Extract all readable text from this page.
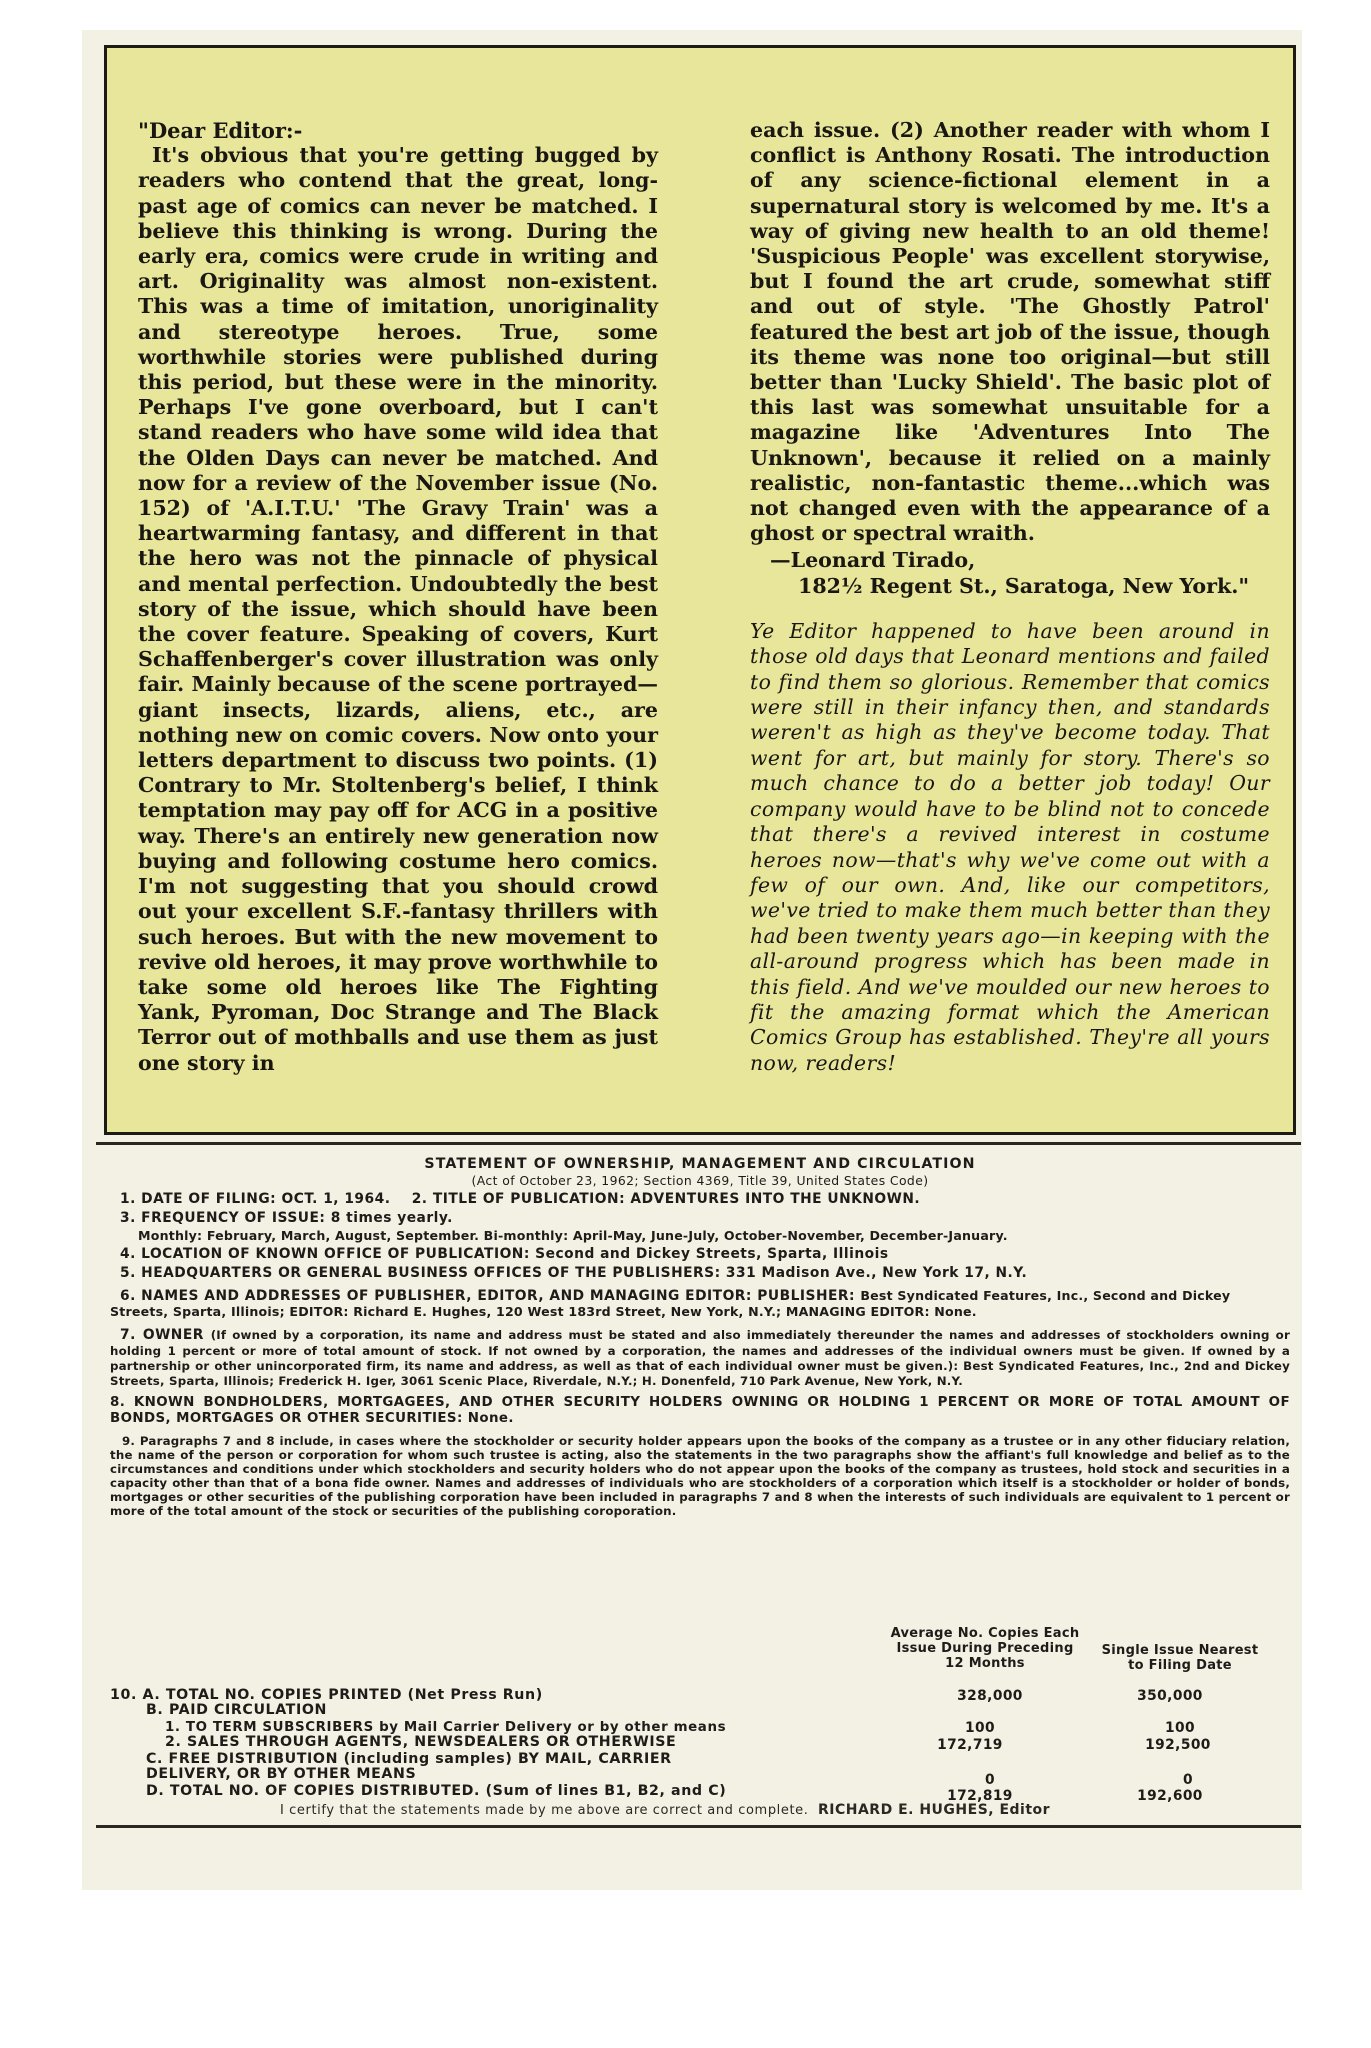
"Dear Editor:-

It's obvious that you're getting bugged by readers who contend that the great, long-past age of comics can never be matched. I believe this thinking is wrong. During the early era, comics were crude in writing and art. Originality was almost non-existent. This was a time of imitation, unoriginality and stereotype heroes. True, some worthwhile stories were published during this period, but these were in the minority. Perhaps I've gone overboard, but I can't stand readers who have some wild idea that the Olden Days can never be matched. And now for a review of the November issue (No. 152) of 'A.I.T.U.' 'The Gravy Train' was a heartwarming fantasy, and different in that the hero was not the pinnacle of physical and mental perfection. Undoubtedly the best story of the issue, which should have been the cover feature. Speaking of covers, Kurt Schaffenberger's cover illustration was only fair. Mainly because of the scene portrayed—giant insects, lizards, aliens, etc., are nothing new on comic covers. Now onto your letters department to discuss two points. (1) Contrary to Mr. Stoltenberg's belief, I think temptation may pay off for ACG in a positive way. There's an entirely new generation now buying and following costume hero comics. I'm not suggesting that you should crowd out your excellent S.F.-fantasy thrillers with such heroes. But with the new movement to revive old heroes, it may prove worthwhile to take some old heroes like The Fighting Yank, Pyroman, Doc Strange and The Black Terror out of mothballs and use them as just one story in

each issue. (2) Another reader with whom I conflict is Anthony Rosati. The introduction of any science-fictional element in a supernatural story is welcomed by me. It's a way of giving new health to an old theme! 'Suspicious People' was excellent storywise, but I found the art crude, somewhat stiff and out of style. 'The Ghostly Patrol' featured the best art job of the issue, though its theme was none too original—but still better than 'Lucky Shield'. The basic plot of this last was somewhat unsuitable for a magazine like 'Adventures Into The Unknown', because it relied on a mainly realistic, non-fantastic theme...which was not changed even with the appearance of a ghost or spectral wraith.

—Leonard Tirado,
182½ Regent St., Saratoga, New York."

Ye Editor happened to have been around in those old days that Leonard mentions and failed to find them so glorious. Remember that comics were still in their infancy then, and standards weren't as high as they've become today. That went for art, but mainly for story. There's so much chance to do a better job today! Our company would have to be blind not to concede that there's a revived interest in costume heroes now—that's why we've come out with a few of our own. And, like our competitors, we've tried to make them much better than they had been twenty years ago—in keeping with the all-around progress which has been made in this field. And we've moulded our new heroes to fit the amazing format which the American Comics Group has established. They're all yours now, readers!

STATEMENT OF OWNERSHIP, MANAGEMENT AND CIRCULATION

(Act of October 23, 1962; Section 4369, Title 39, United States Code)

1. DATE OF FILING: OCT. 1, 1964. 2. TITLE OF PUBLICATION: ADVENTURES INTO THE UNKNOWN.
3. FREQUENCY OF ISSUE: 8 times yearly.
Monthly: February, March, August, September. Bi-monthly: April-May, June-July, October-November, December-January.
4. LOCATION OF KNOWN OFFICE OF PUBLICATION: Second and Dickey Streets, Sparta, Illinois
5. HEADQUARTERS OR GENERAL BUSINESS OFFICES OF THE PUBLISHERS: 331 Madison Ave., New York 17, N.Y.
6. NAMES AND ADDRESSES OF PUBLISHER, EDITOR, AND MANAGING EDITOR: PUBLISHER: Best Syndicated Features, Inc., Second and Dickey Streets, Sparta, Illinois; EDITOR: Richard E. Hughes, 120 West 183rd Street, New York, N.Y.; MANAGING EDITOR: None.
7. OWNER (If owned by a corporation, its name and address must be stated and also immediately thereunder the names and addresses of stockholders owning or holding 1 percent or more of total amount of stock. If not owned by a corporation, the names and addresses of the individual owners must be given. If owned by a partnership or other unincorporated firm, its name and address, as well as that of each individual owner must be given.): Best Syndicated Features, Inc., 2nd and Dickey Streets, Sparta, Illinois; Frederick H. Iger, 3061 Scenic Place, Riverdale, N.Y.; H. Donenfeld, 710 Park Avenue, New York, N.Y.
8. KNOWN BONDHOLDERS, MORTGAGEES, AND OTHER SECURITY HOLDERS OWNING OR HOLDING 1 PERCENT OR MORE OF TOTAL AMOUNT OF BONDS, MORTGAGES OR OTHER SECURITIES: None.

9. Paragraphs 7 and 8 include, in cases where the stockholder or security holder appears upon the books of the company as a trustee or in any other fiduciary relation, the name of the person or corporation for whom such trustee is acting, also the statements in the two paragraphs show the affiant's full knowledge and belief as to the circumstances and conditions under which stockholders and security holders who do not appear upon the books of the company as trustees, hold stock and securities in a capacity other than that of a bona fide owner. Names and addresses of individuals who are stockholders of a corporation which itself is a stockholder or holder of bonds, mortgages or other securities of the publishing corporation have been included in paragraphs 7 and 8 when the interests of such individuals are equivalent to 1 percent or more of the total amount of the stock or securities of the publishing coroporation.

Average No. Copies Each Issue During Preceding 12 Months
Single Issue Nearest to Filing Date
10. A. TOTAL NO. COPIES PRINTED (Net Press Run)	328,000	350,000
B. PAID CIRCULATION
1. TO TERM SUBSCRIBERS by Mail Carrier Delivery or by other means	100	100
2. SALES THROUGH AGENTS, NEWSDEALERS OR OTHERWISE	172,719	192,500
C. FREE DISTRIBUTION (including samples) BY MAIL, CARRIER DELIVERY, OR BY OTHER MEANS	0	0
D. TOTAL NO. OF COPIES DISTRIBUTED. (Sum of lines B1, B2, and C)	172,819	192,600
I certify that the statements made by me above are correct and complete. RICHARD E. HUGHES, Editor
